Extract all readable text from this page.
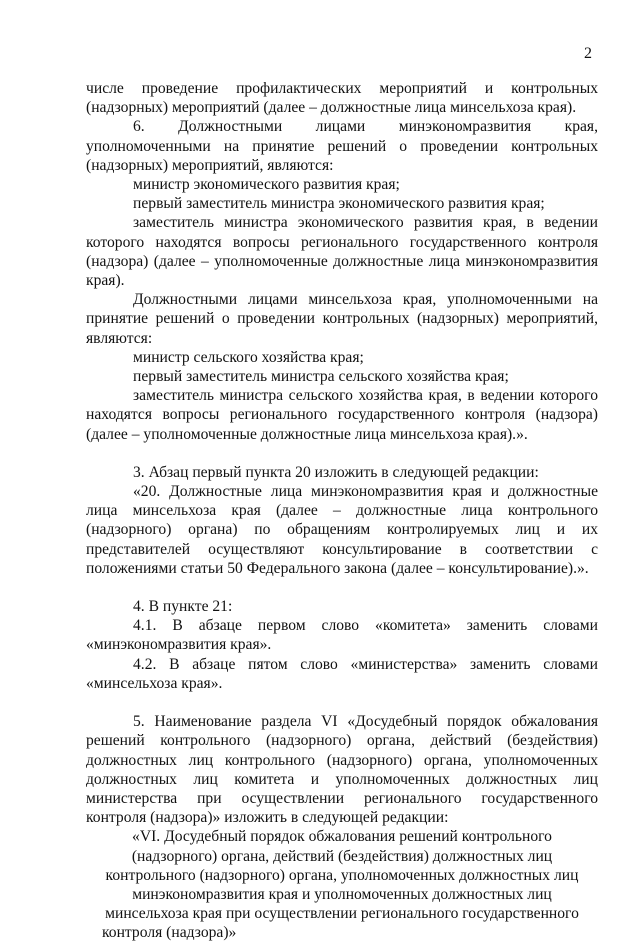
2

числе проведение профилактических мероприятий и контрольных (надзорных) мероприятий (далее – должностные лица минсельхоза края).

6. Должностными лицами минэкономразвития края, уполномоченными на принятие решений о проведении контрольных (надзорных) мероприятий, являются:

министр экономического развития края;

первый заместитель министра экономического развития края;

заместитель министра экономического развития края, в ведении которого находятся вопросы регионального государственного контроля (надзора) (далее – уполномоченные должностные лица минэкономразвития края).

Должностными лицами минсельхоза края, уполномоченными на принятие решений о проведении контрольных (надзорных) мероприятий, являются:

министр сельского хозяйства края;

первый заместитель министра сельского хозяйства края;

заместитель министра сельского хозяйства края, в ведении которого находятся вопросы регионального государственного контроля (надзора) (далее – уполномоченные должностные лица минсельхоза края).».

3. Абзац первый пункта 20 изложить в следующей редакции:

«20. Должностные лица минэкономразвития края и должностные лица минсельхоза края (далее – должностные лица контрольного (надзорного) органа) по обращениям контролируемых лиц и их представителей осуществляют консультирование в соответствии с положениями статьи 50 Федерального закона (далее – консультирование).».

4. В пункте 21:

4.1. В абзаце первом слово «комитета» заменить словами «минэкономразвития края».

4.2. В абзаце пятом слово «министерства» заменить словами «минсельхоза края».

5. Наименование раздела VI «Досудебный порядок обжалования решений контрольного (надзорного) органа, действий (бездействия) должностных лиц контрольного (надзорного) органа, уполномоченных должностных лиц комитета и уполномоченных должностных лиц министерства при осуществлении регионального государственного контроля (надзора)» изложить в следующей редакции:

«VI. Досудебный порядок обжалования решений контрольного (надзорного) органа, действий (бездействия) должностных лиц контрольного (надзорного) органа, уполномоченных должностных лиц минэкономразвития края и уполномоченных должностных лиц минсельхоза края при осуществлении регионального государственного контроля (надзора)»
